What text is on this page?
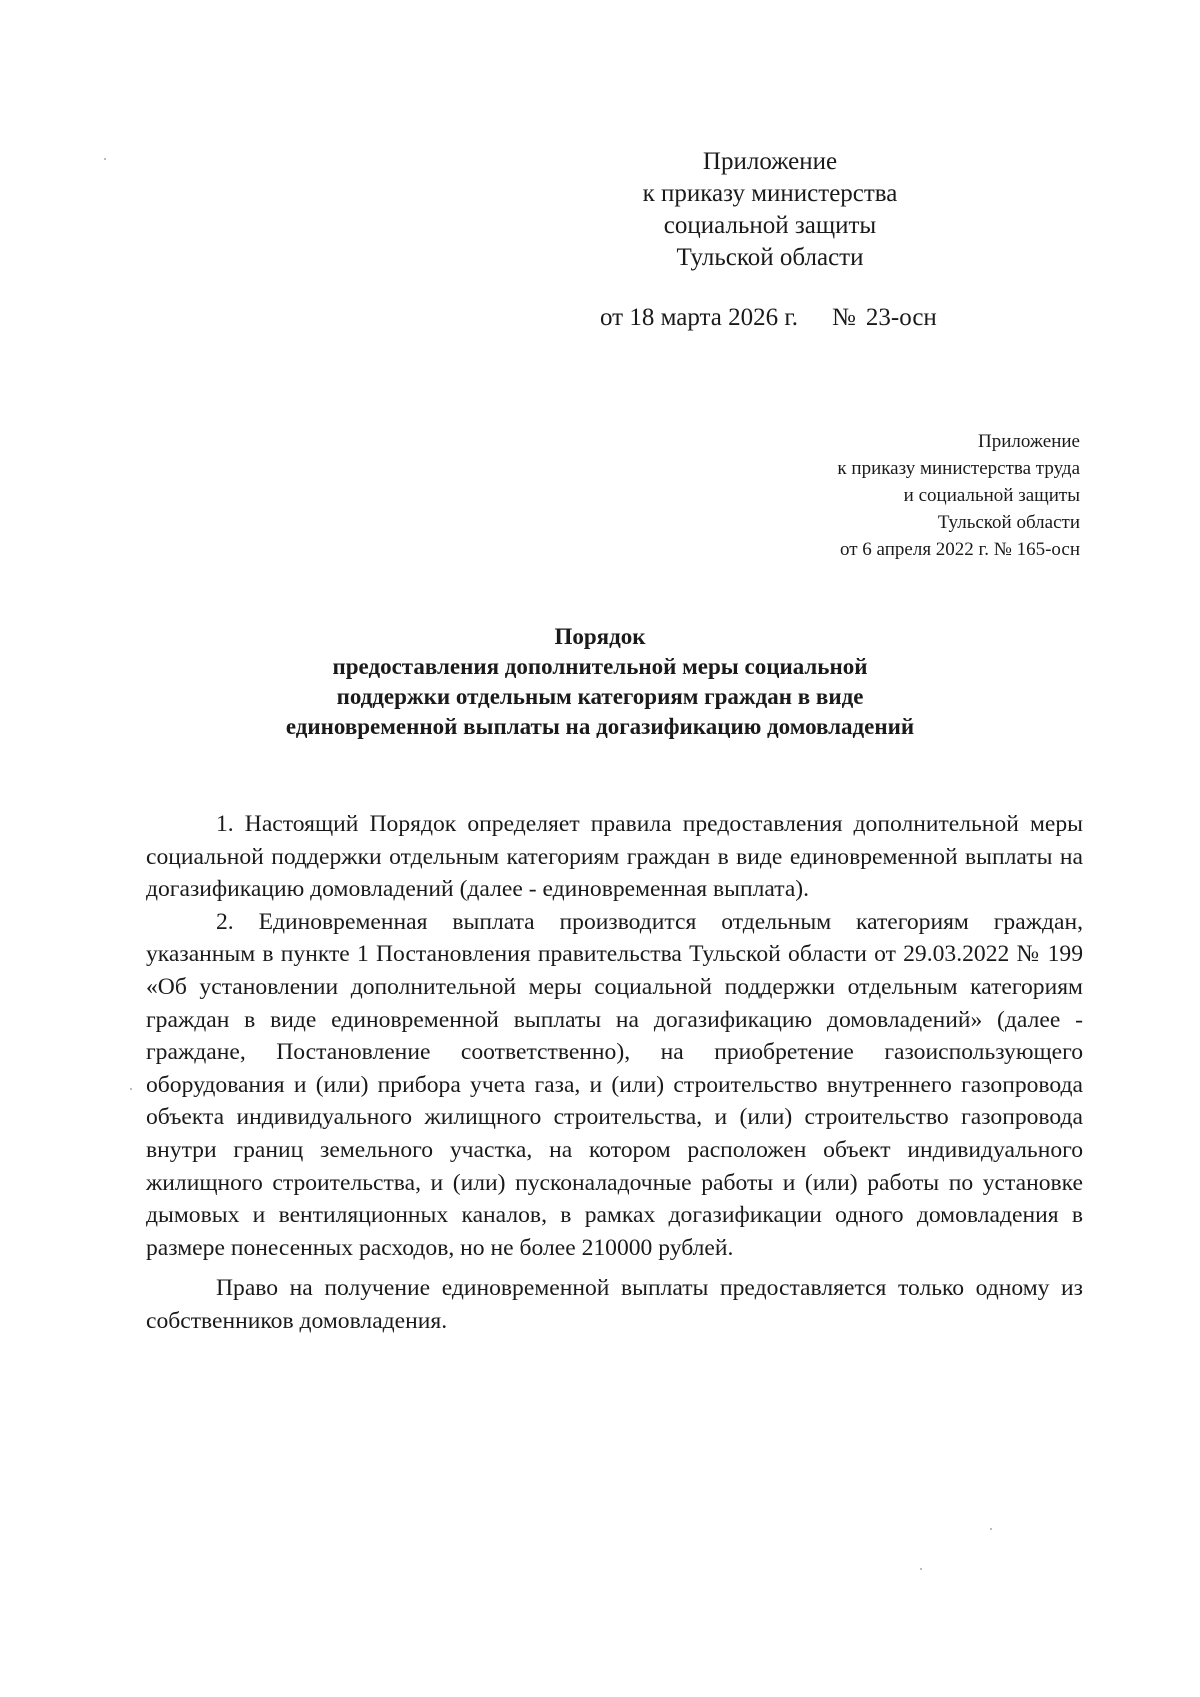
Приложение
к приказу министерства
социальной защиты
Тульской области
от 18 марта 2026 г. № 23-осн
Приложение
к приказу министерства труда
и социальной защиты
Тульской области
от 6 апреля 2022 г. № 165-осн
Порядок
предоставления дополнительной меры социальной
поддержки отдельным категориям граждан в виде
единовременной выплаты на догазификацию домовладений

1. Настоящий Порядок определяет правила предоставления дополнительной меры социальной поддержки отдельным категориям граждан в виде единовременной выплаты на догазификацию домовладений (далее - единовременная выплата).

2. Единовременная выплата производится отдельным категориям граждан, указанным в пункте 1 Постановления правительства Тульской области от 29.03.2022 № 199 «Об установлении дополнительной меры социальной поддержки отдельным категориям граждан в виде единовременной выплаты на догазификацию домовладений» (далее - граждане, Постановление соответственно), на приобретение газоиспользующего оборудования и (или) прибора учета газа, и (или) строительство внутреннего газопровода объекта индивидуального жилищного строительства, и (или) строительство газопровода внутри границ земельного участка, на котором расположен объект индивидуального жилищного строительства, и (или) пусконаладочные работы и (или) работы по установке дымовых и вентиляционных каналов, в рамках догазификации одного домовладения в размере понесенных расходов, но не более 210000 рублей.

Право на получение единовременной выплаты предоставляется только одному из собственников домовладения.
